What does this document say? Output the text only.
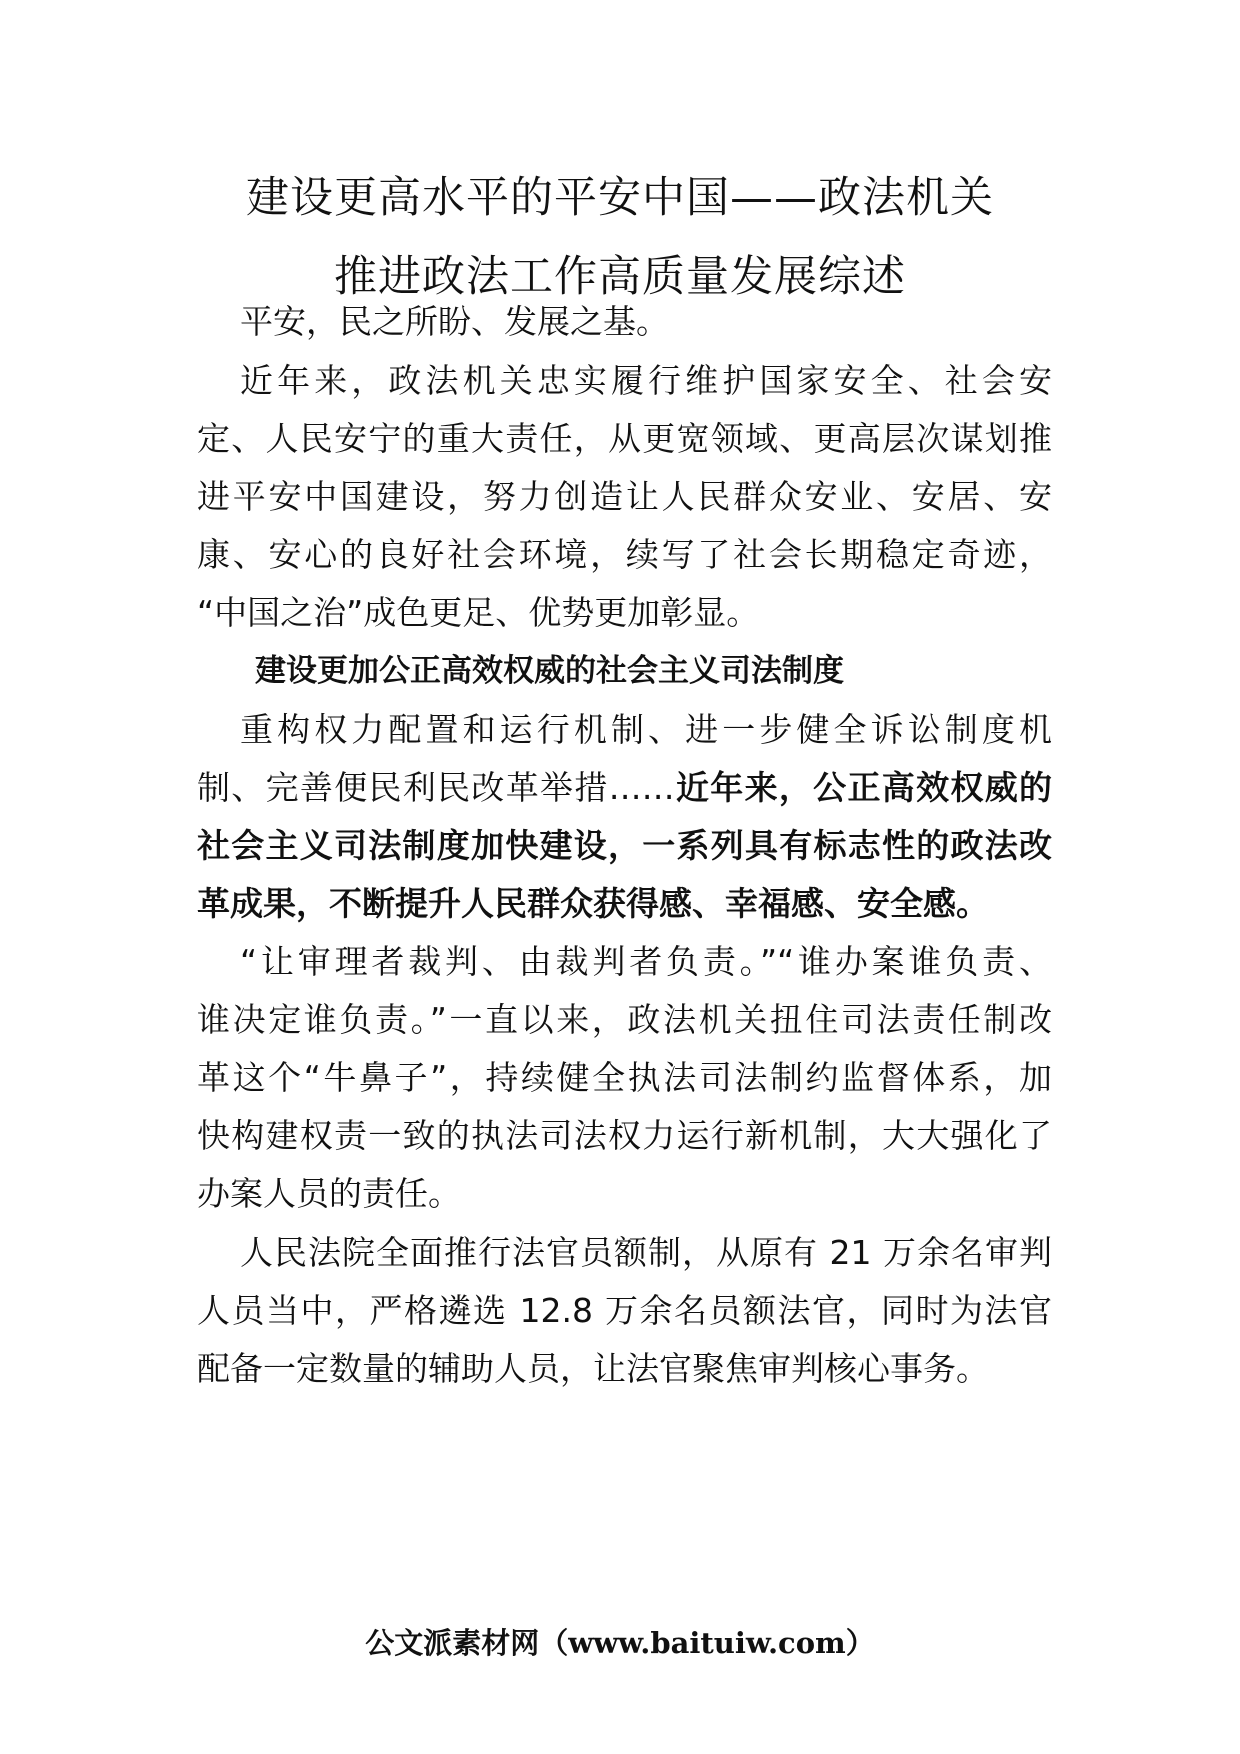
建设更高水平的平安中国——政法机关
推进政法工作高质量发展综述
平安，民之所盼、发展之基。
近年来，政法机关忠实履行维护国家安全、社会安
定、人民安宁的重大责任，从更宽领域、更高层次谋划推
进平安中国建设，努力创造让人民群众安业、安居、安
康、安心的良好社会环境，续写了社会长期稳定奇迹，
“中国之治”成色更足、优势更加彰显。
建设更加公正高效权威的社会主义司法制度
重构权力配置和运行机制、进一步健全诉讼制度机
制、完善便民利民改革举措……近年来，公正高效权威的
社会主义司法制度加快建设，一系列具有标志性的政法改
革成果，不断提升人民群众获得感、幸福感、安全感。
“让审理者裁判、由裁判者负责。”“谁办案谁负责、
谁决定谁负责。”一直以来，政法机关扭住司法责任制改
革这个“牛鼻子”，持续健全执法司法制约监督体系，加
快构建权责一致的执法司法权力运行新机制，大大强化了
办案人员的责任。
人民法院全面推行法官员额制，从原有 21 万余名审判
人员当中，严格遴选 12.8 万余名员额法官，同时为法官
配备一定数量的辅助人员，让法官聚焦审判核心事务。
公文派素材网（www.baituiw.com）
